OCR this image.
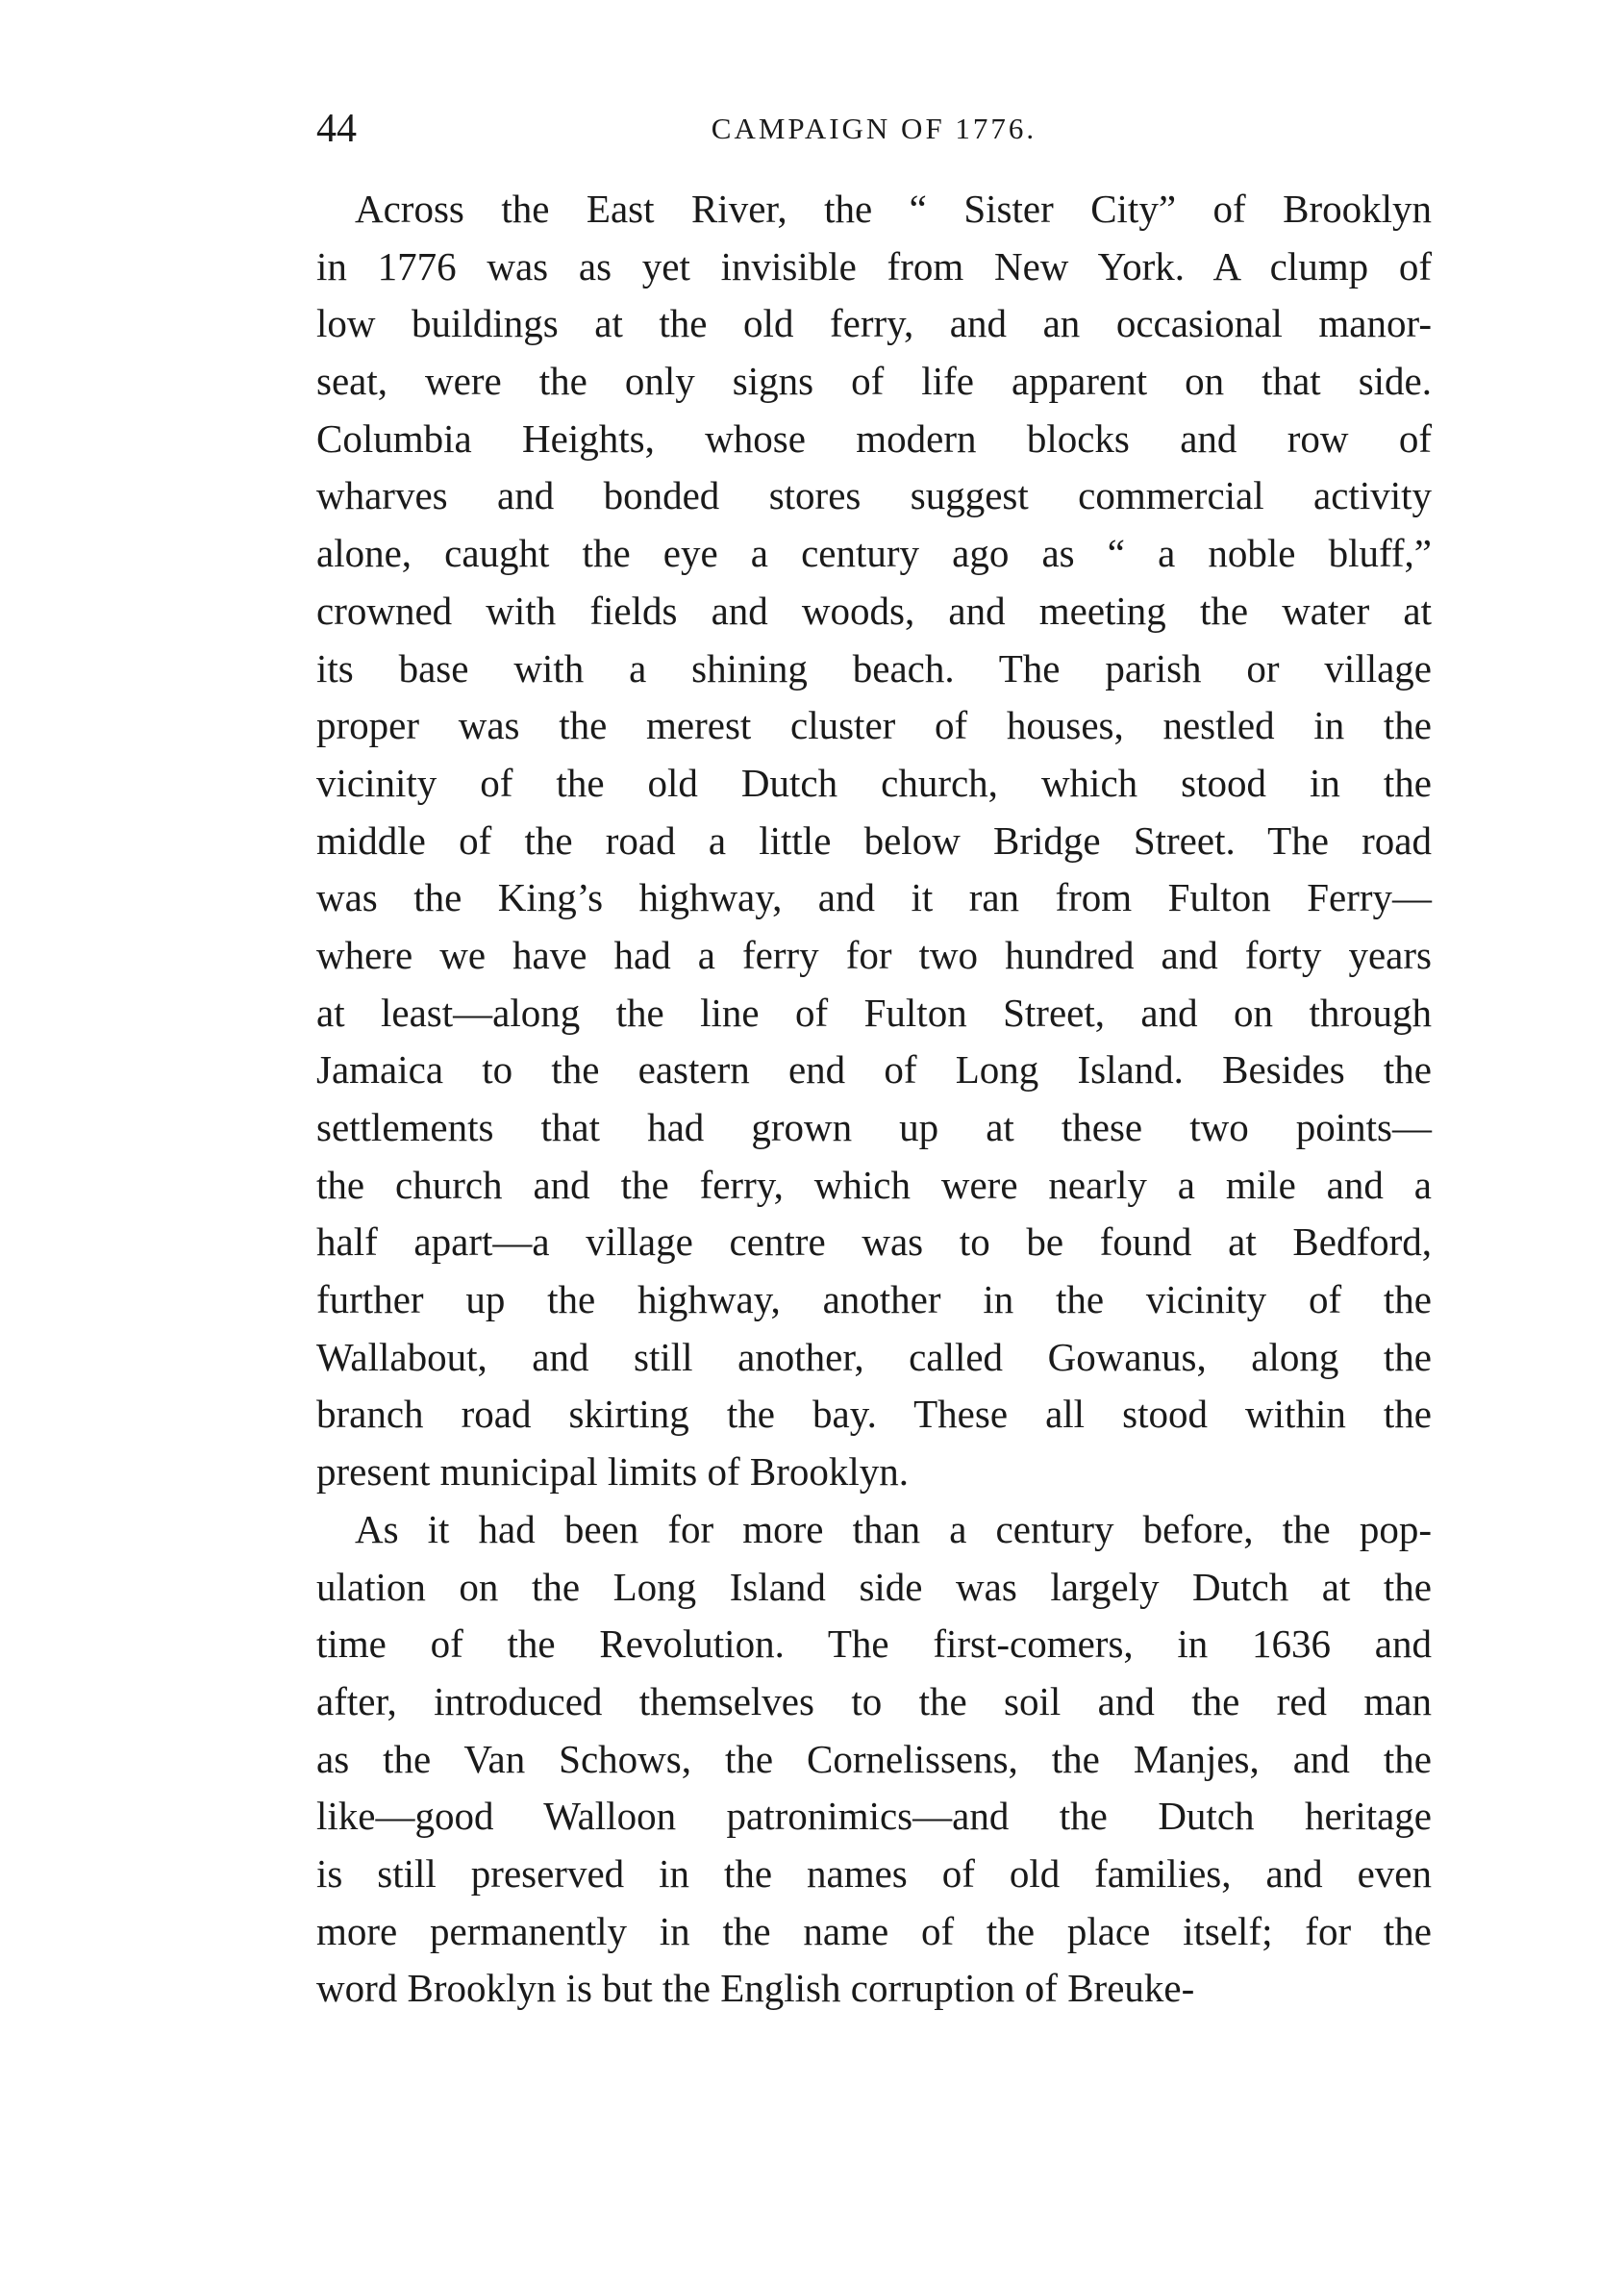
44	CAMPAIGN OF 1776.
Across the East River, the “ Sister City” of Brooklyn
in 1776 was as yet invisible from New York. A clump of
low buildings at the old ferry, and an occasional manor-
seat, were the only signs of life apparent on that side.
Columbia Heights, whose modern blocks and row of
wharves and bonded stores suggest commercial activity
alone, caught the eye a century ago as “ a noble bluff,”
crowned with fields and woods, and meeting the water at
its base with a shining beach. The parish or village
proper was the merest cluster of houses, nestled in the
vicinity of the old Dutch church, which stood in the
middle of the road a little below Bridge Street. The road
was the King’s highway, and it ran from Fulton Ferry—
where we have had a ferry for two hundred and forty years
at least—along the line of Fulton Street, and on through
Jamaica to the eastern end of Long Island. Besides the
settlements that had grown up at these two points—
the church and the ferry, which were nearly a mile and a
half apart—a village centre was to be found at Bedford,
further up the highway, another in the vicinity of the
Wallabout, and still another, called Gowanus, along the
branch road skirting the bay. These all stood within the
present municipal limits of Brooklyn.
As it had been for more than a century before, the pop-
ulation on the Long Island side was largely Dutch at the
time of the Revolution. The first-comers, in 1636 and
after, introduced themselves to the soil and the red man
as the Van Schows, the Cornelissens, the Manjes, and the
like—good Walloon patronimics—and the Dutch heritage
is still preserved in the names of old families, and even
more permanently in the name of the place itself; for the
word Brooklyn is but the English corruption of Breuke-
